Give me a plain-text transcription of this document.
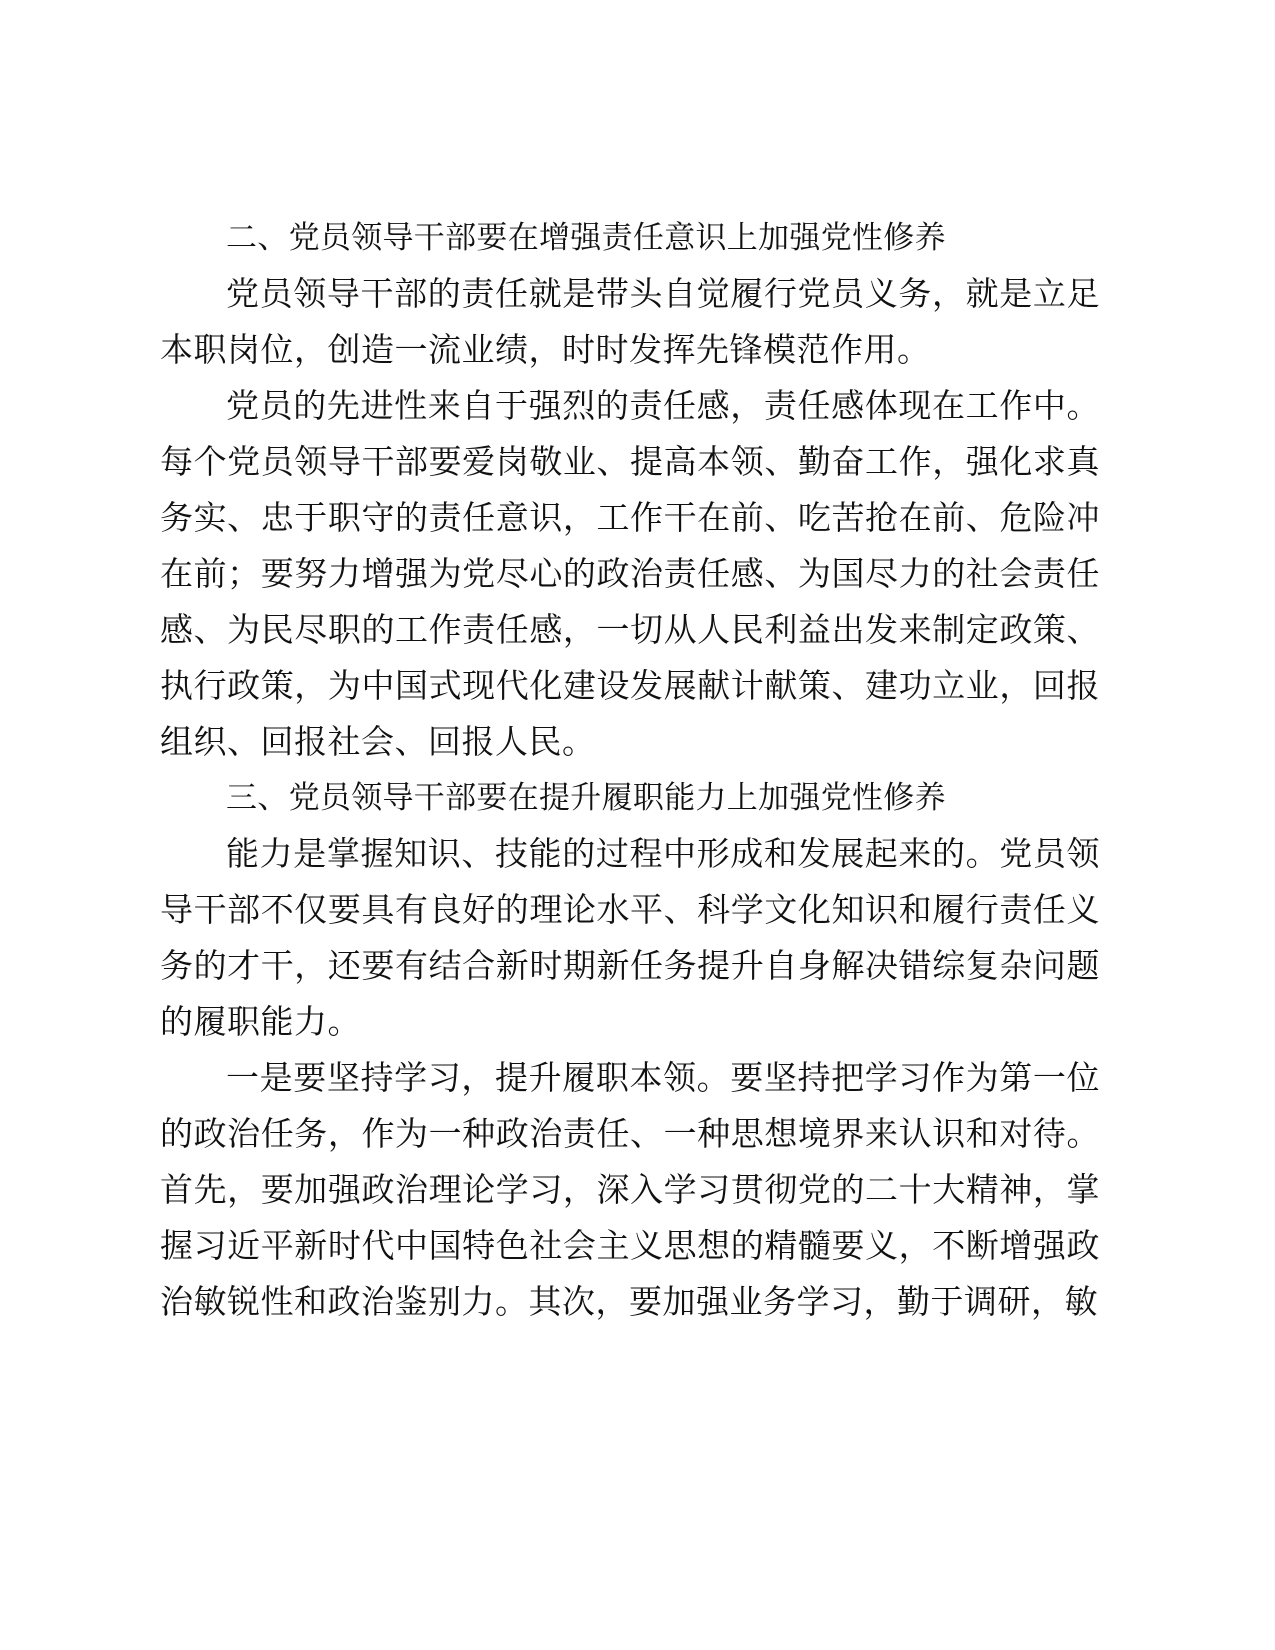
二、党员领导干部要在增强责任意识上加强党性修养

党员领导干部的责任就是带头自觉履行党员义务，就是立足本职岗位，创造一流业绩，时时发挥先锋模范作用。

党员的先进性来自于强烈的责任感，责任感体现在工作中。每个党员领导干部要爱岗敬业、提高本领、勤奋工作，强化求真务实、忠于职守的责任意识，工作干在前、吃苦抢在前、危险冲在前；要努力增强为党尽心的政治责任感、为国尽力的社会责任感、为民尽职的工作责任感，一切从人民利益出发来制定政策、执行政策，为中国式现代化建设发展献计献策、建功立业，回报组织、回报社会、回报人民。

三、党员领导干部要在提升履职能力上加强党性修养

能力是掌握知识、技能的过程中形成和发展起来的。党员领导干部不仅要具有良好的理论水平、科学文化知识和履行责任义务的才干，还要有结合新时期新任务提升自身解决错综复杂问题的履职能力。

一是要坚持学习，提升履职本领。要坚持把学习作为第一位的政治任务，作为一种政治责任、一种思想境界来认识和对待。首先，要加强政治理论学习，深入学习贯彻党的二十大精神，掌握习近平新时代中国特色社会主义思想的精髓要义，不断增强政治敏锐性和政治鉴别力。其次，要加强业务学习，勤于调研，敏
